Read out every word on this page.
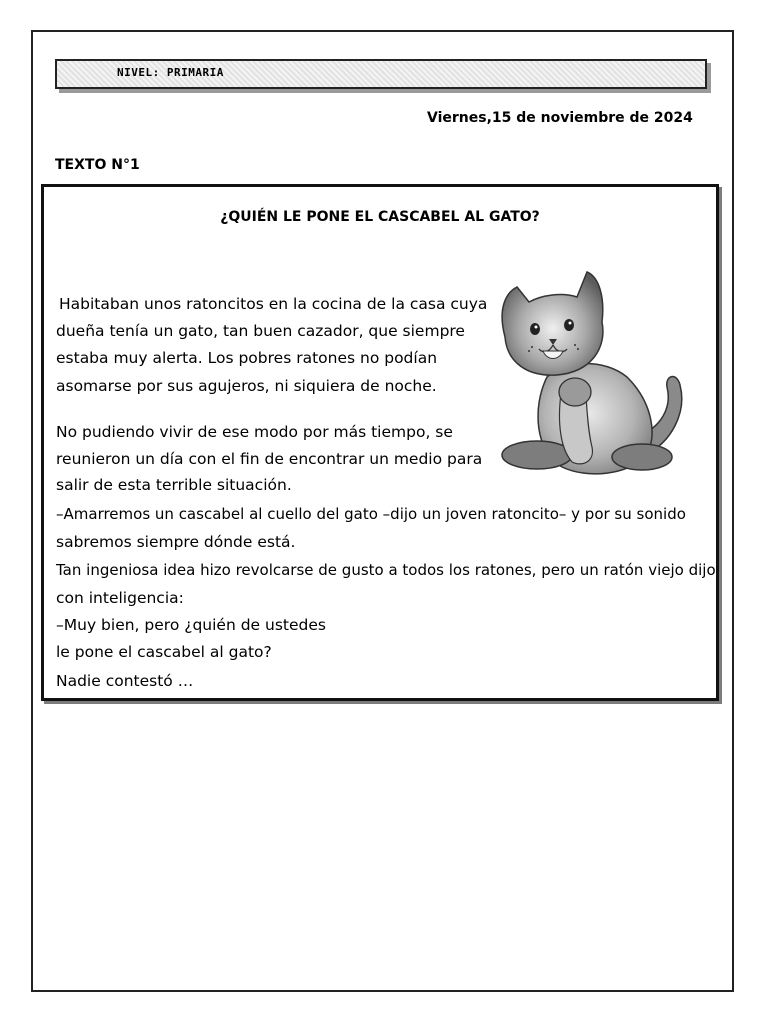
NIVEL: PRIMARIA
Viernes,15 de noviembre de 2024
TEXTO N°1
¿QUIÉN LE PONE EL CASCABEL AL GATO?
Habitaban unos ratoncitos en la cocina de la casa cuya
dueña tenía un gato, tan buen cazador, que siempre
estaba muy alerta. Los pobres ratones no podían
asomarse por sus agujeros, ni siquiera de noche.
No pudiendo vivir de ese modo por más tiempo, se
reunieron un día con el fin de encontrar un medio para
salir de esta terrible situación.
–Amarremos un cascabel al cuello del gato –dijo un joven ratoncito– y por su sonido
sabremos siempre dónde está.
Tan ingeniosa idea hizo revolcarse de gusto a todos los ratones, pero un ratón viejo dijo
con inteligencia:
–Muy bien, pero ¿quién de ustedes
le pone el cascabel al gato?
Nadie contestó …
